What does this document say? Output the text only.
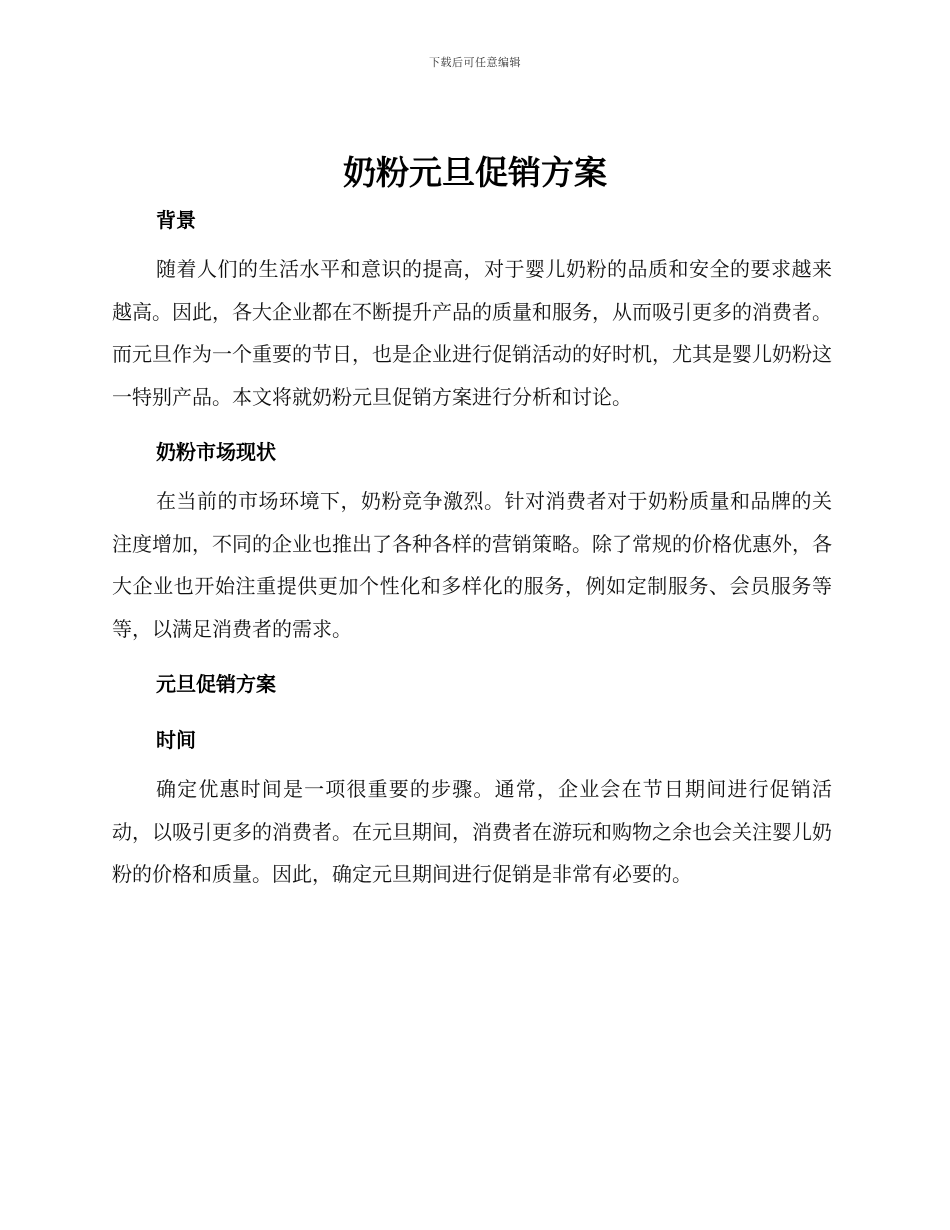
下载后可任意编辑
奶粉元旦促销方案
背景

随着人们的生活水平和意识的提高，对于婴儿奶粉的品质和安全的要求越来越高。因此，各大企业都在不断提升产品的质量和服务，从而吸引更多的消费者。而元旦作为一个重要的节日，也是企业进行促销活动的好时机，尤其是婴儿奶粉这一特别产品。本文将就奶粉元旦促销方案进行分析和讨论。

奶粉市场现状

在当前的市场环境下，奶粉竞争激烈。针对消费者对于奶粉质量和品牌的关注度增加，不同的企业也推出了各种各样的营销策略。除了常规的价格优惠外，各大企业也开始注重提供更加个性化和多样化的服务，例如定制服务、会员服务等等，以满足消费者的需求。

元旦促销方案
时间

确定优惠时间是一项很重要的步骤。通常，企业会在节日期间进行促销活动，以吸引更多的消费者。在元旦期间，消费者在游玩和购物之余也会关注婴儿奶粉的价格和质量。因此，确定元旦期间进行促销是非常有必要的。
